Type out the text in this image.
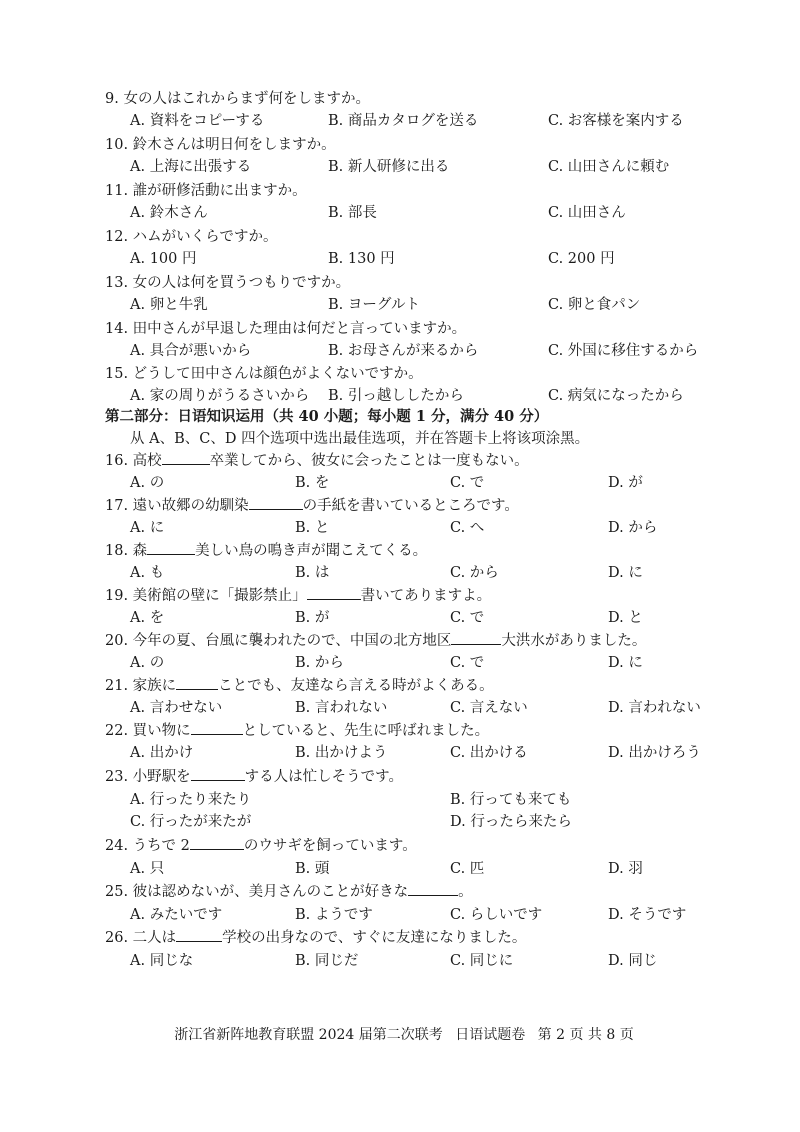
9. 女の人はこれからまず何をしますか。
A. 資料をコピーする	B. 商品カタログを送る	C. お客様を案内する
10. 鈴木さんは明日何をしますか。
A. 上海に出張する	B. 新人研修に出る	C. 山田さんに頼む
11. 誰が研修活動に出ますか。
A. 鈴木さん	B. 部長	C. 山田さん
12. ハムがいくらですか。
A. 100 円	B. 130 円	C. 200 円
13. 女の人は何を買うつもりですか。
A. 卵と牛乳	B. ヨーグルト	C. 卵と食パン
14. 田中さんが早退した理由は何だと言っていますか。
A. 具合が悪いから	B. お母さんが来るから	C. 外国に移住するから
15. どうして田中さんは顔色がよくないですか。
A. 家の周りがうるさいから B. 引っ越ししたから	C. 病気になったから
第二部分：日语知识运用（共 40 小题；每小题 1 分，满分 40 分）
从 A、B、C、D 四个选项中选出最佳选项，并在答题卡上将该项涂黑。
16. 高校	卒業してから、彼女に会ったことは一度もない。
A. の	B. を	C. で	D. が
17. 遠い故郷の幼馴染	の手紙を書いているところです。
A. に	B. と	C. へ	D. から
18. 森	美しい鳥の鳴き声が聞こえてくる。
A. も	B. は	C. から	D. に
19. 美術館の壁に「撮影禁止」	書いてありますよ。
A. を	B. が	C. で	D. と
20. 今年の夏、台風に襲われたので、中国の北方地区	大洪水がありました。
A. の	B. から	C. で	D. に
21. 家族に	ことでも、友達なら言える時がよくある。
A. 言わせない	B. 言われない	C. 言えない	D. 言われない
22. 買い物に	としていると、先生に呼ばれました。
A. 出かけ	B. 出かけよう	C. 出かける	D. 出かけろう
23. 小野駅を	する人は忙しそうです。
A. 行ったり来たり	B. 行っても来ても
C. 行ったが来たが	D. 行ったら来たら
24. うちで 2	のウサギを飼っています。
A. 只	B. 頭	C. 匹	D. 羽
25. 彼は認めないが、美月さんのことが好きな	。
A. みたいです	B. ようです	C. らしいです	D. そうです
26. 二人は	学校の出身なので、すぐに友達になりました。
A. 同じな	B. 同じだ	C. 同じに	D. 同じ
浙江省新阵地教育联盟 2024 届第二次联考 日语试题卷 第 2 页 共 8 页
